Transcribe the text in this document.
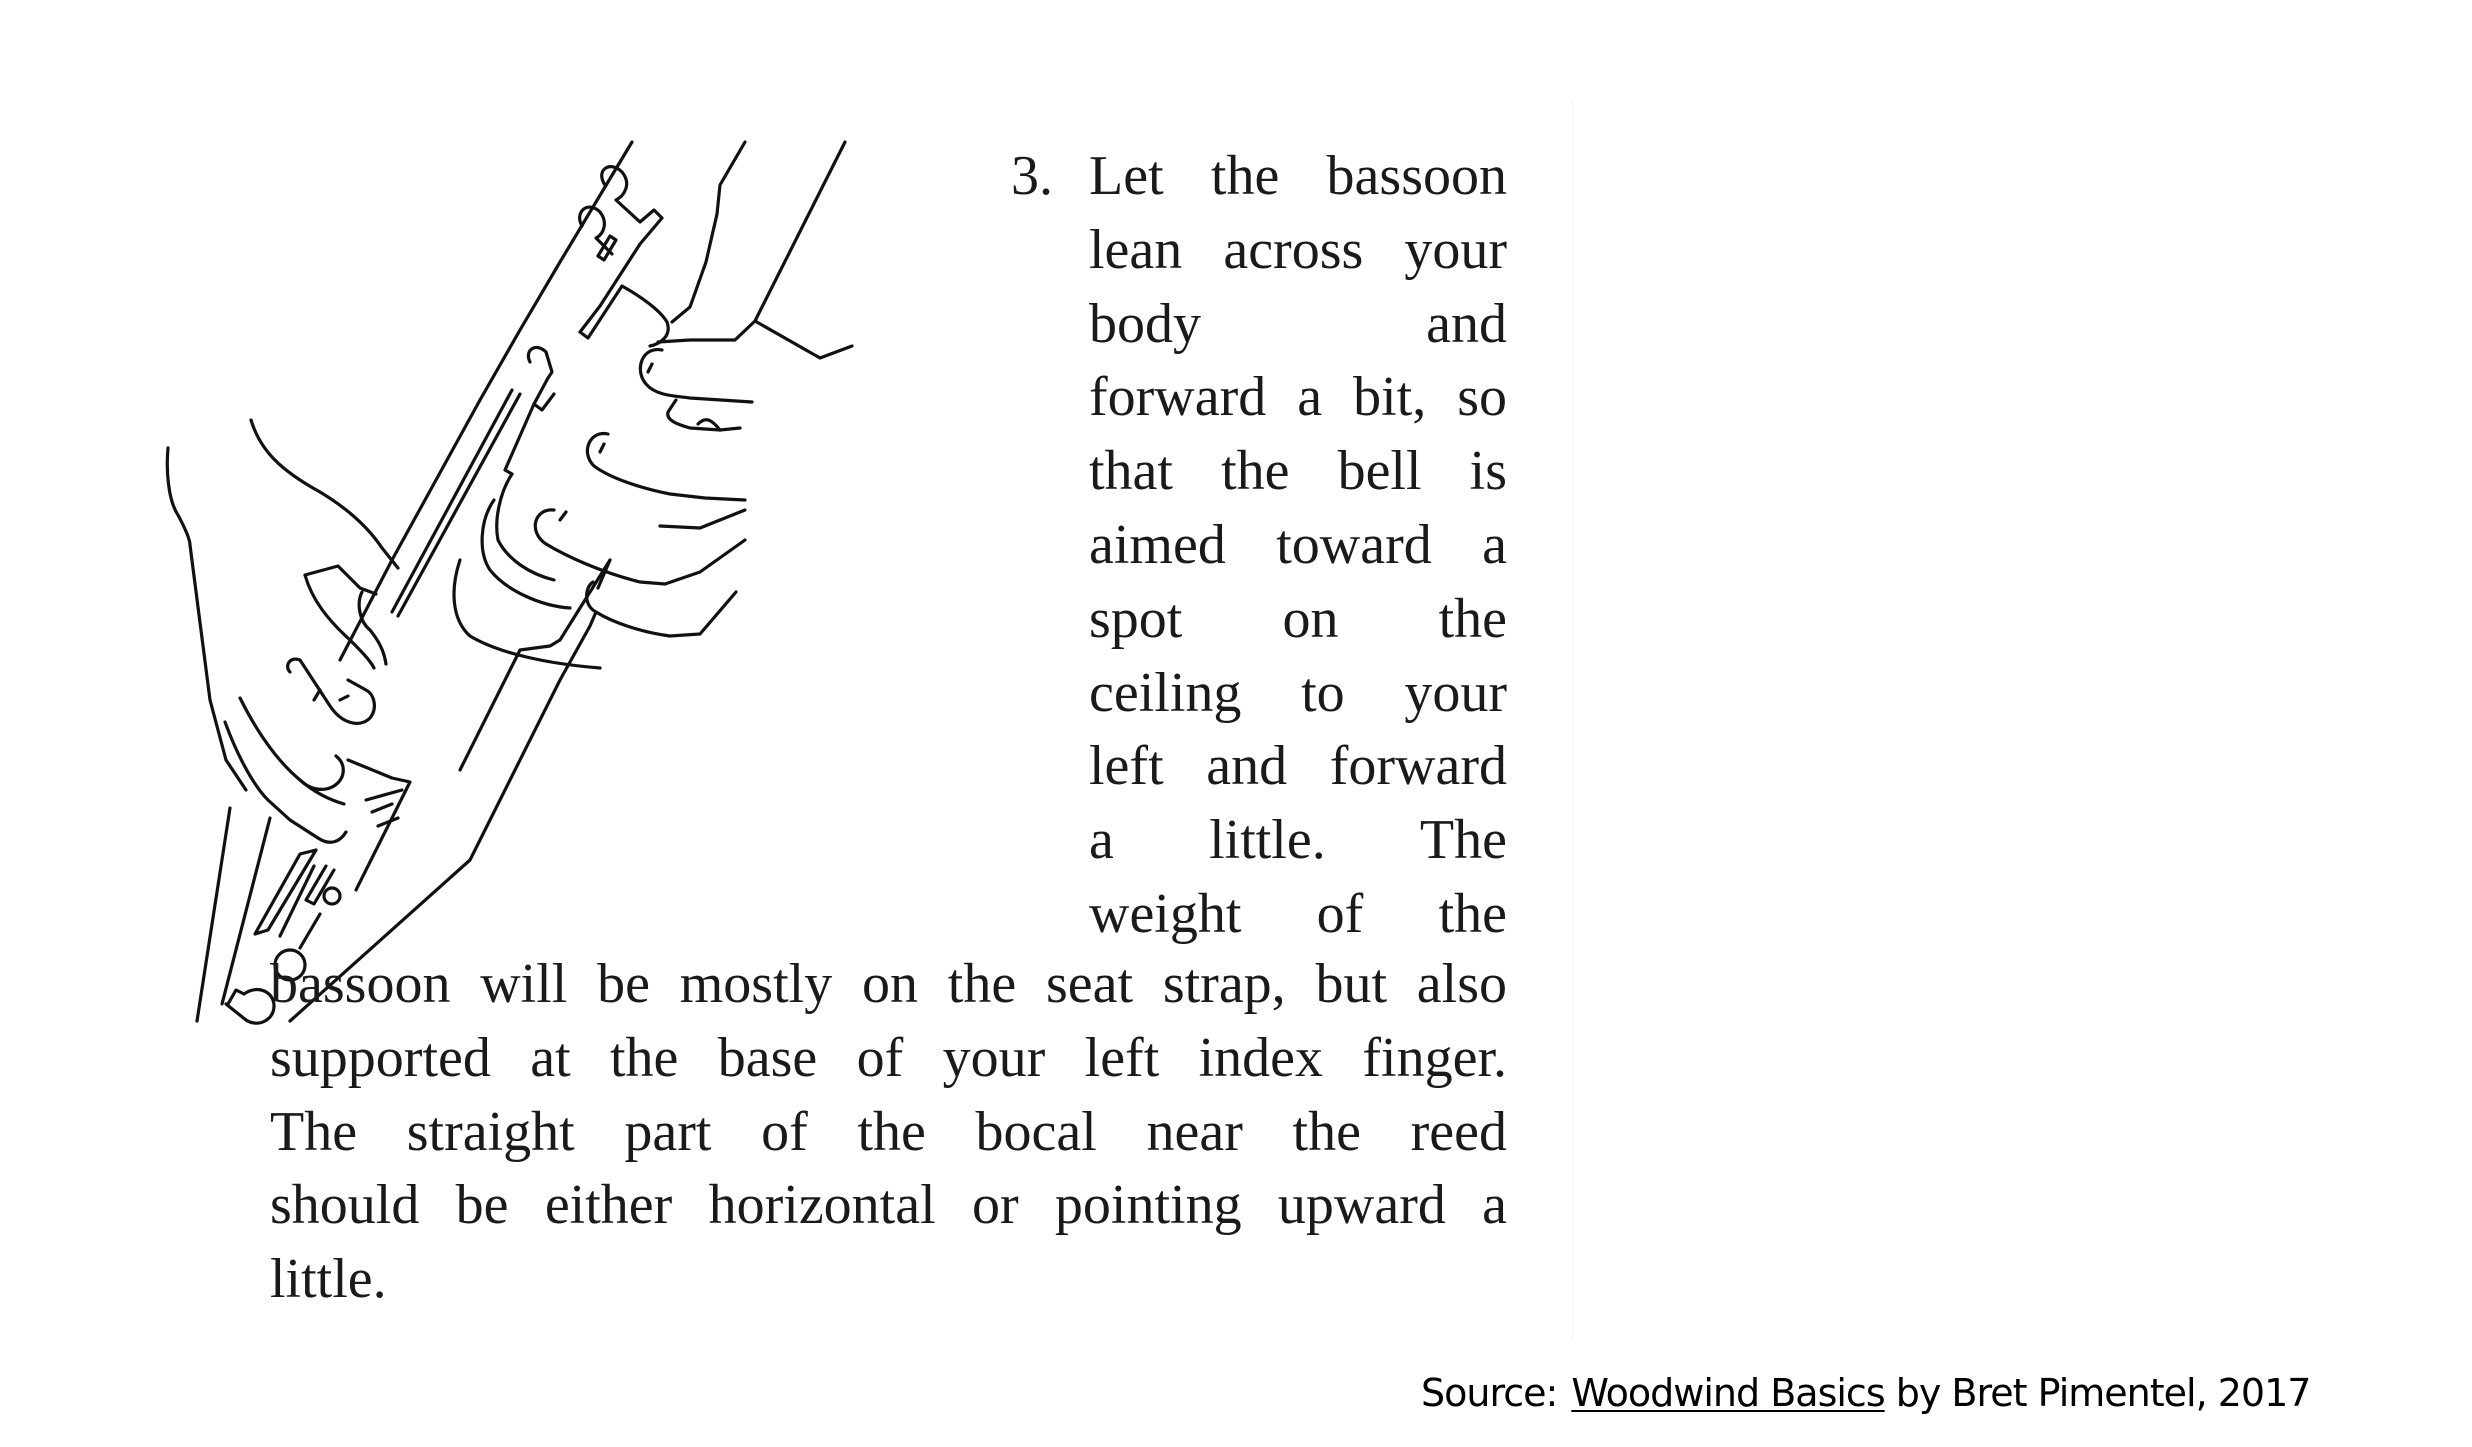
3. Let the bassoon
lean across your
body and
forward a bit, so
that the bell is
aimed toward a
spot on the
ceiling to your
left and forward
a little. The
weight of the
bassoon will be mostly on the seat strap, but also
supported at the base of your left index finger.
The straight part of the bocal near the reed
should be either horizontal or pointing upward a
little.
Source: Woodwind Basics by Bret Pimentel, 2017
